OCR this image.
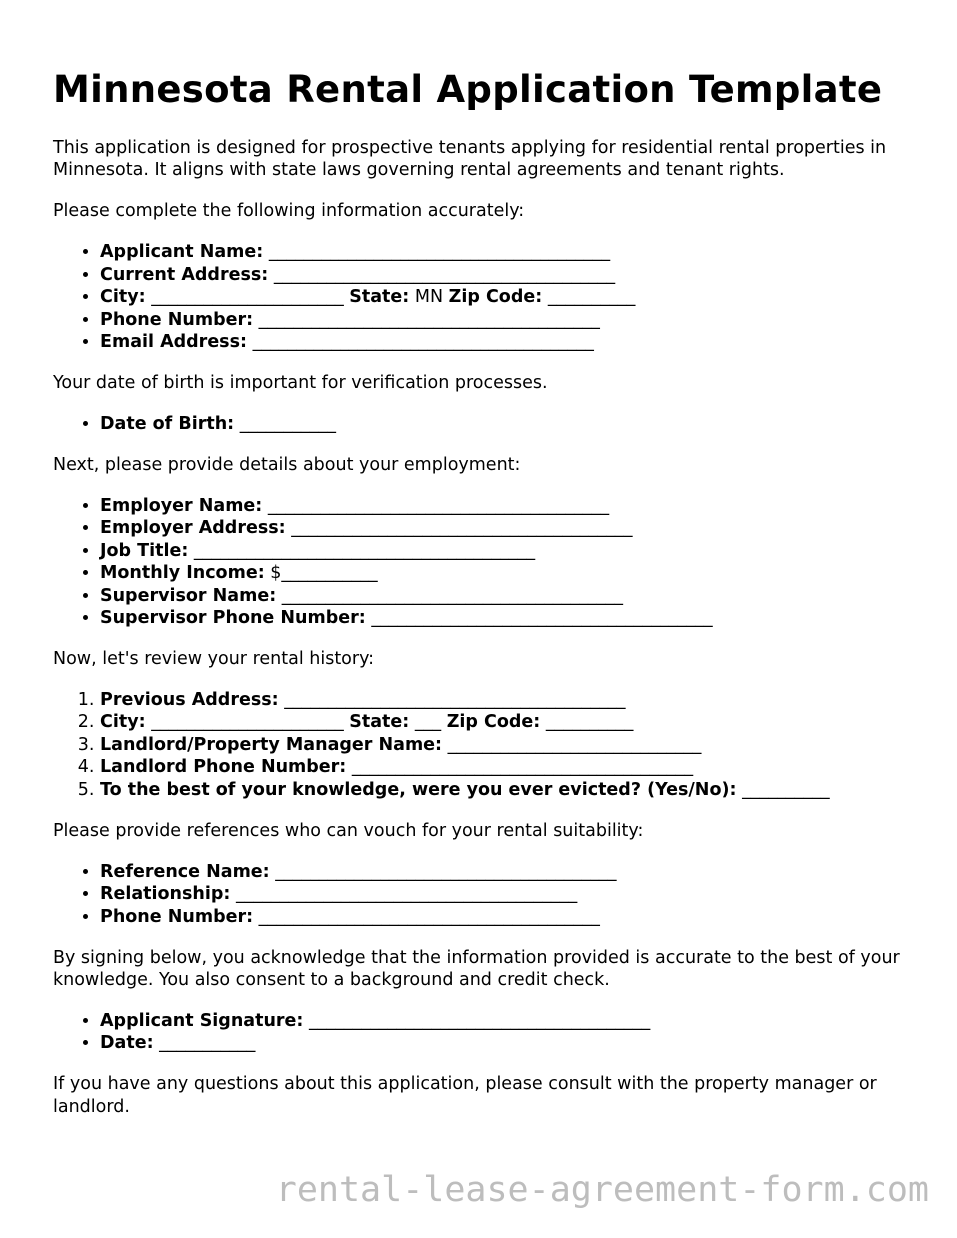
Minnesota Rental Application Template

This application is designed for prospective tenants applying for residential rental properties in Minnesota. It aligns with state laws governing rental agreements and tenant rights.

Please complete the following information accurately:

• Applicant Name: _______________________________________
• Current Address: _______________________________________
• City: ______________________ State: MN Zip Code: __________
• Phone Number: _______________________________________
• Email Address: _______________________________________

Your date of birth is important for verification processes.

• Date of Birth: ___________

Next, please provide details about your employment:

• Employer Name: _______________________________________
• Employer Address: _______________________________________
• Job Title: _______________________________________
• Monthly Income: $___________
• Supervisor Name: _______________________________________
• Supervisor Phone Number: _______________________________________

Now, let's review your rental history:

1. Previous Address: _______________________________________
2. City: ______________________ State: ___ Zip Code: __________
3. Landlord/Property Manager Name: _____________________________
4. Landlord Phone Number: _______________________________________
5. To the best of your knowledge, were you ever evicted? (Yes/No): __________

Please provide references who can vouch for your rental suitability:

• Reference Name: _______________________________________
• Relationship: _______________________________________
• Phone Number: _______________________________________

By signing below, you acknowledge that the information provided is accurate to the best of your knowledge. You also consent to a background and credit check.

• Applicant Signature: _______________________________________
• Date: ___________

If you have any questions about this application, please consult with the property manager or landlord.

rental-lease-agreement-form.com
